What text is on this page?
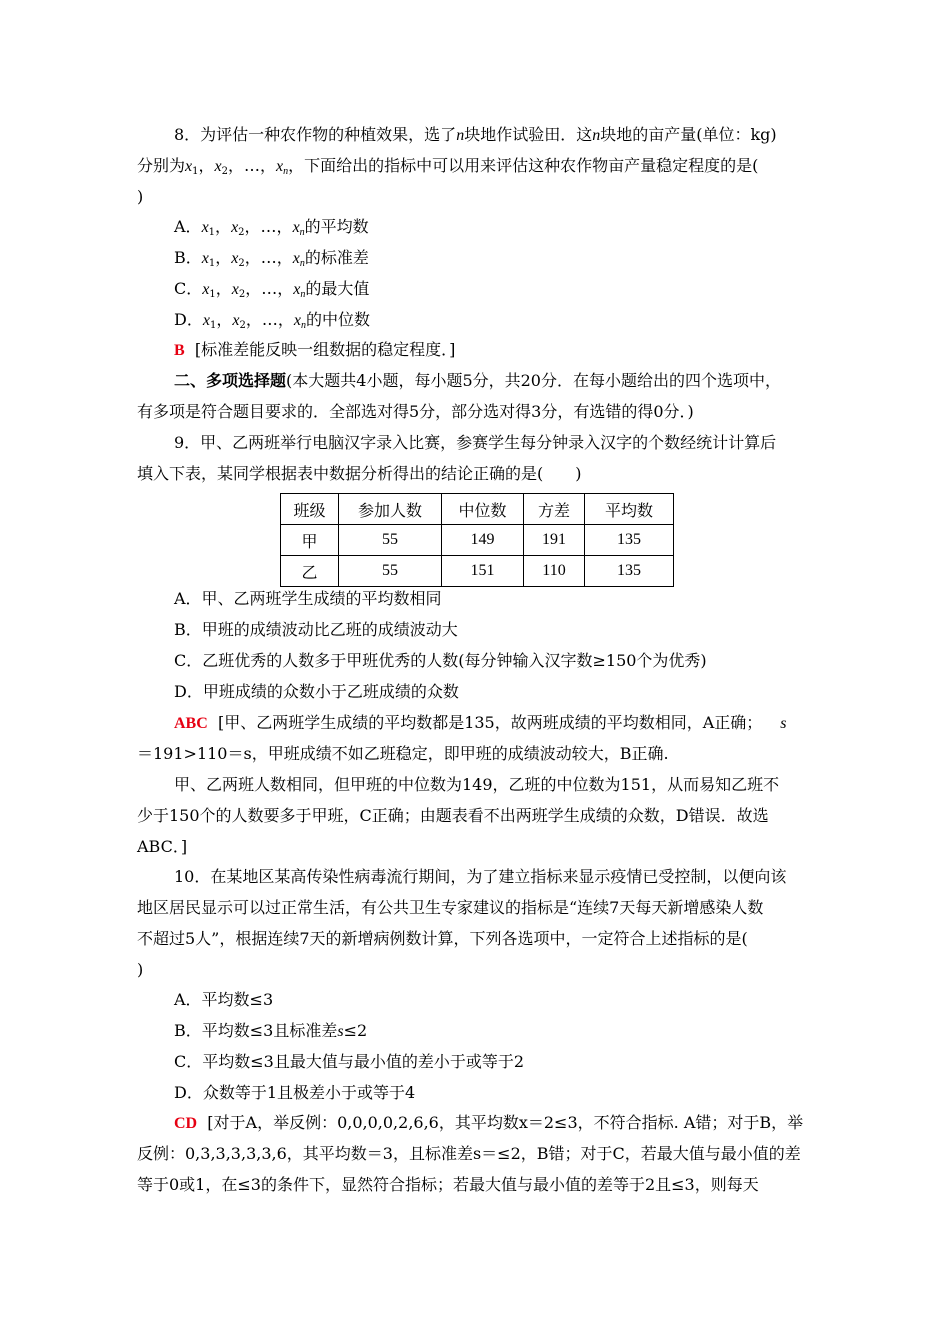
8．为评估一种农作物的种植效果，选了n块地作试验田．这n块地的亩产量(单位：kg)
分别为$x_1$，$x_2$，…，$x_n$，下面给出的指标中可以用来评估这种农作物亩产量稳定程度的是(
)
A．$x_1$，$x_2$，…，$x_n$的平均数
B．$x_1$，$x_2$，…，$x_n$的标准差
C．$x_1$，$x_2$，…，$x_n$的最大值
D．$x_1$，$x_2$，…，$x_n$的中位数
B [标准差能反映一组数据的稳定程度．]
二、多项选择题(本大题共4小题，每小题5分，共20分．在每小题给出的四个选项中，
有多项是符合题目要求的．全部选对得5分，部分选对得3分，有选错的得0分．)
9．甲、乙两班举行电脑汉字录入比赛，参赛学生每分钟录入汉字的个数经统计计算后
填入下表，某同学根据表中数据分析得出的结论正确的是(　　)
班级	参加人数	中位数	方差	平均数
甲	55	149	191	135
乙	55	151	110	135
A．甲、乙两班学生成绩的平均数相同
B．甲班的成绩波动比乙班的成绩波动大
C．乙班优秀的人数多于甲班优秀的人数(每分钟输入汉字数≥150个为优秀)
D．甲班成绩的众数小于乙班成绩的众数
ABC [甲、乙两班学生成绩的平均数都是135，故两班成绩的平均数相同，A正确； s
＝191>110＝s，甲班成绩不如乙班稳定，即甲班的成绩波动较大，B正确.
甲、乙两班人数相同，但甲班的中位数为149，乙班的中位数为151，从而易知乙班不
少于150个的人数要多于甲班，C正确；由题表看不出两班学生成绩的众数，D错误．故选
ABC．]
10．在某地区某高传染性病毒流行期间，为了建立指标来显示疫情已受控制，以便向该
地区居民显示可以过正常生活，有公共卫生专家建议的指标是“连续7天每天新增感染人数
不超过5人”，根据连续7天的新增病例数计算，下列各选项中，一定符合上述指标的是(
)
A．平均数≤3
B．平均数≤3且标准差s≤2
C．平均数≤3且最大值与最小值的差小于或等于2
D．众数等于1且极差小于或等于4
CD [对于A，举反例：0,0,0,0,2,6,6，其平均数x＝2≤3，不符合指标. A错；对于B，举
反例：0,3,3,3,3,3,6，其平均数＝3，且标准差s＝≤2，B错；对于C，若最大值与最小值的差
等于0或1，在≤3的条件下，显然符合指标；若最大值与最小值的差等于2且≤3，则每天
